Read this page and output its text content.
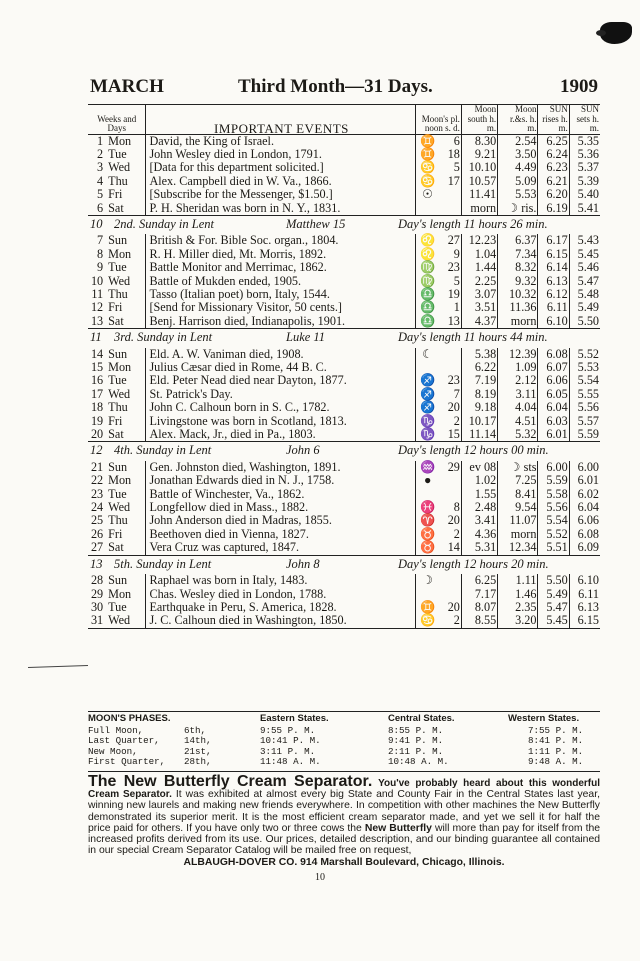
MARCH	Third Month—31 Days.	1909
Weeks and Days		IMPORTANT EVENTS	Moon's pl. noon s. d.		Moon south h. m.	Moon r.&s. h. m.	SUN rises h. m.	SUN sets h. m.
1	Mon	David, the King of Israel.	♊	6	8.30	2.54	6.25	5.35
2	Tue	John Wesley died in London, 1791.	♊	18	9.21	3.50	6.24	5.36
3	Wed	[Data for this department solicited.]	♋	5	10.10	4.49	6.23	5.37
4	Thu	Alex. Campbell died in W. Va., 1866.	♋	17	10.57	5.09	6.21	5.39
5	Fri	[Subscribe for the Messenger, $1.50.]	☉		11.41	5.53	6.20	5.40
6	Sat	P. H. Sheridan was born in N. Y., 1831.			morn	☽ ris.	6.19	5.41
10 2nd. Sunday in Lent Matthew 15 Day's length 11 hours 26 min.								
7	Sun	British & For. Bible Soc. organ., 1804.	♌	27	12.23	6.37	6.17	5.43
8	Mon	R. H. Miller died, Mt. Morris, 1892.	♌	9	1.04	7.34	6.15	5.45
9	Tue	Battle Monitor and Merrimac, 1862.	♍	23	1.44	8.32	6.14	5.46
10	Wed	Battle of Mukden ended, 1905.	♍	5	2.25	9.32	6.13	5.47
11	Thu	Tasso (Italian poet) born, Italy, 1544.	♎	19	3.07	10.32	6.12	5.48
12	Fri	[Send for Missionary Visitor, 50 cents.]	♎	1	3.51	11.36	6.11	5.49
13	Sat	Benj. Harrison died, Indianapolis, 1901.	♎	13	4.37	morn	6.10	5.50
11 3rd. Sunday in Lent Luke 11 Day's length 11 hours 44 min.								
14	Sun	Eld. A. W. Vaniman died, 1908.	☾		5.38	12.39	6.08	5.52
15	Mon	Julius Cæsar died in Rome, 44 B. C.			6.22	1.09	6.07	5.53
16	Tue	Eld. Peter Nead died near Dayton, 1877.	♐	23	7.19	2.12	6.06	5.54
17	Wed	St. Patrick's Day.	♐	7	8.19	3.11	6.05	5.55
18	Thu	John C. Calhoun born in S. C., 1782.	♐	20	9.18	4.04	6.04	5.56
19	Fri	Livingstone was born in Scotland, 1813.	♑	2	10.17	4.51	6.03	5.57
20	Sat	Alex. Mack, Jr., died in Pa., 1803.	♑	15	11.14	5.32	6.01	5.59
12 4th. Sunday in Lent John 6 Day's length 12 hours 00 min.								
21	Sun	Gen. Johnston died, Washington, 1891.	♒	29	ev 08	☽ sts	6.00	6.00
22	Mon	Jonathan Edwards died in N. J., 1758.	●		1.02	7.25	5.59	6.01
23	Tue	Battle of Winchester, Va., 1862.			1.55	8.41	5.58	6.02
24	Wed	Longfellow died in Mass., 1882.	♓	8	2.48	9.54	5.56	6.04
25	Thu	John Anderson died in Madras, 1855.	♈	20	3.41	11.07	5.54	6.06
26	Fri	Beethoven died in Vienna, 1827.	♉	2	4.36	morn	5.52	6.08
27	Sat	Vera Cruz was captured, 1847.	♉	14	5.31	12.34	5.51	6.09
13 5th. Sunday in Lent John 8 Day's length 12 hours 20 min.								
28	Sun	Raphael was born in Italy, 1483.	☽		6.25	1.11	5.50	6.10
29	Mon	Chas. Wesley died in London, 1788.			7.17	1.46	5.49	6.11
30	Tue	Earthquake in Peru, S. America, 1828.	♊	20	8.07	2.35	5.47	6.13
31	Wed	J. C. Calhoun died in Washington, 1850.	♋	2	8.55	3.20	5.45	6.15
MOON'S PHASES.	Eastern States.	Central States.	Western States.
Full Moon,	6th,	9:55 P. M.	8:55 P. M.	7:55 P. M.
Last Quarter,	14th,	10:41 P. M.	9:41 P. M.	8:41 P. M.
New Moon,	21st,	3:11 P. M.	2:11 P. M.	1:11 P. M.
First Quarter, 28th,	11:48 A. M.	10:48 A. M.	9:48 A. M.

The New Butterfly Cream Separator. You've probably heard about this wonderful Cream Separator. It was exhibited at almost every big State and County Fair in the Central States last year, winning new laurels and making new friends everywhere. In competition with other machines the New Butterfly demonstrated its superior merit. It is the most efficient cream separator made, and yet we sell it for half the price paid for others. If you have only two or three cows the New Butterfly will more than pay for itself from the increased profits derived from its use. Our prices, detailed description, and our binding guarantee all contained in our special Cream Separator Catalog will be mailed free on request,

ALBAUGH-DOVER CO. 914 Marshall Boulevard, Chicago, Illinois.
10
